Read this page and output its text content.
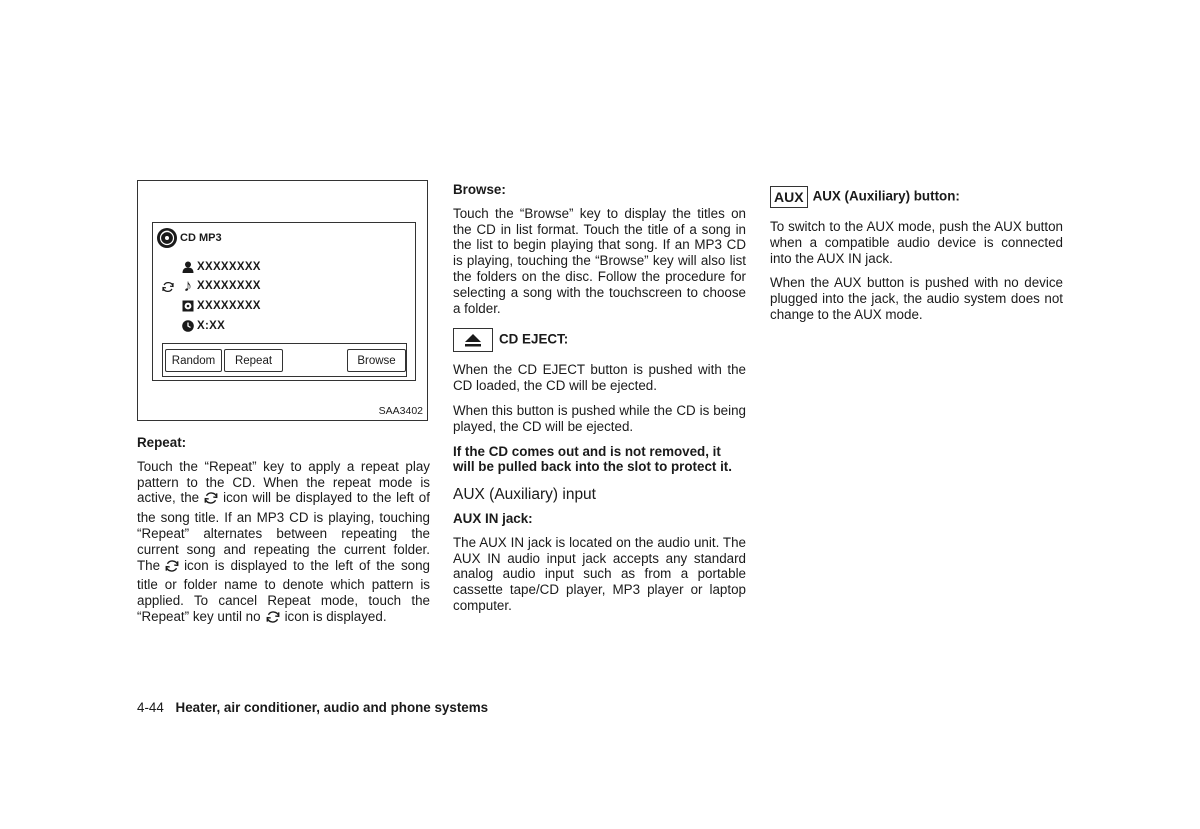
CD MP3
XXXXXXXX
♪ XXXXXXXX
XXXXXXXX
X:XX
Random	Repeat	Browse
SAA3402
Repeat:

Touch the “Repeat” key to apply a repeat play pattern to the CD. When the repeat mode is active, the icon will be displayed to the left of the song title. If an MP3 CD is playing, touching “Repeat” alternates between repeating the current song and repeating the current folder. The icon is displayed to the left of the song title or folder name to denote which pattern is applied. To cancel Repeat mode, touch the “Repeat” key until no icon is displayed.

Browse:

Touch the “Browse” key to display the titles on the CD in list format. Touch the title of a song in the list to begin playing that song. If an MP3 CD is playing, touching the “Browse” key will also list the folders on the disc. Follow the procedure for selecting a song with the touchscreen to choose a folder.

CD EJECT:

When the CD EJECT button is pushed with the CD loaded, the CD will be ejected.

When this button is pushed while the CD is being played, the CD will be ejected.

If the CD comes out and is not removed, it will be pulled back into the slot to protect it.

AUX (Auxiliary) input
AUX IN jack:

The AUX IN jack is located on the audio unit. The AUX IN audio input jack accepts any standard analog audio input such as from a portable cassette tape/CD player, MP3 player or laptop computer.

AUX AUX (Auxiliary) button:

To switch to the AUX mode, push the AUX button when a compatible audio device is connected into the AUX IN jack.

When the AUX button is pushed with no device plugged into the jack, the audio system does not change to the AUX mode.

4-44 Heater, air conditioner, audio and phone systems
